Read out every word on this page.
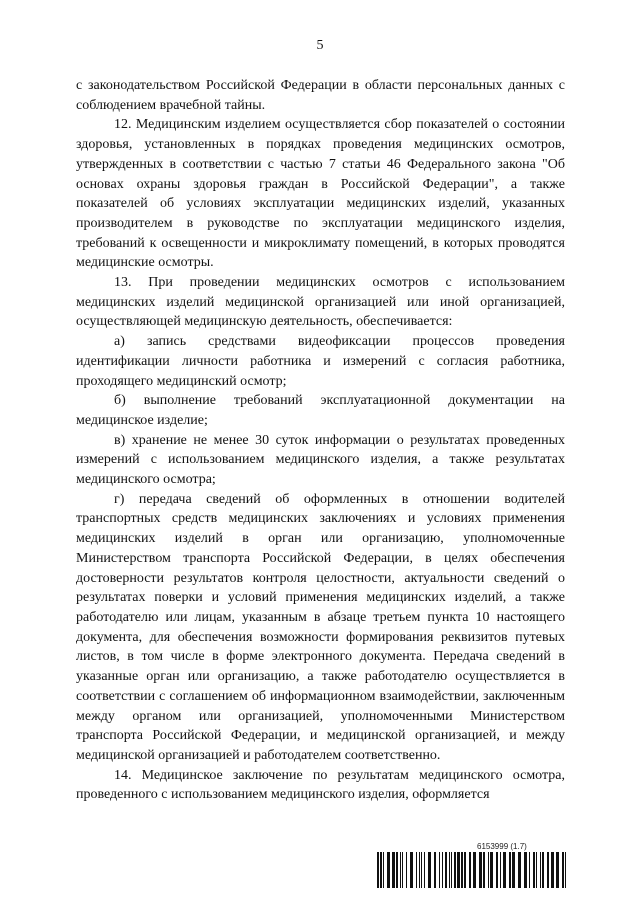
5

с законодательством Российской Федерации в области персональных данных с соблюдением врачебной тайны.

12. Медицинским изделием осуществляется сбор показателей о состоянии здоровья, установленных в порядках проведения медицинских осмотров, утвержденных в соответствии с частью 7 статьи 46 Федерального закона "Об основах охраны здоровья граждан в Российской Федерации", а также показателей об условиях эксплуатации медицинских изделий, указанных производителем в руководстве по эксплуатации медицинского изделия, требований к освещенности и микроклимату помещений, в которых проводятся медицинские осмотры.

13. При проведении медицинских осмотров с использованием медицинских изделий медицинской организацией или иной организацией, осуществляющей медицинскую деятельность, обеспечивается:

а) запись средствами видеофиксации процессов проведения идентификации личности работника и измерений с согласия работника, проходящего медицинский осмотр;

б) выполнение требований эксплуатационной документации на медицинское изделие;

в) хранение не менее 30 суток информации о результатах проведенных измерений с использованием медицинского изделия, а также результатах медицинского осмотра;

г) передача сведений об оформленных в отношении водителей транспортных средств медицинских заключениях и условиях применения медицинских изделий в орган или организацию, уполномоченные Министерством транспорта Российской Федерации, в целях обеспечения достоверности результатов контроля целостности, актуальности сведений о результатах поверки и условий применения медицинских изделий, а также работодателю или лицам, указанным в абзаце третьем пункта 10 настоящего документа, для обеспечения возможности формирования реквизитов путевых листов, в том числе в форме электронного документа. Передача сведений в указанные орган или организацию, а также работодателю осуществляется в соответствии с соглашением об информационном взаимодействии, заключенным между органом или организацией, уполномоченными Министерством транспорта Российской Федерации, и медицинской организацией, и между медицинской организацией и работодателем соответственно.

14. Медицинское заключение по результатам медицинского осмотра, проведенного с использованием медицинского изделия, оформляется

6153999 (1.7)
